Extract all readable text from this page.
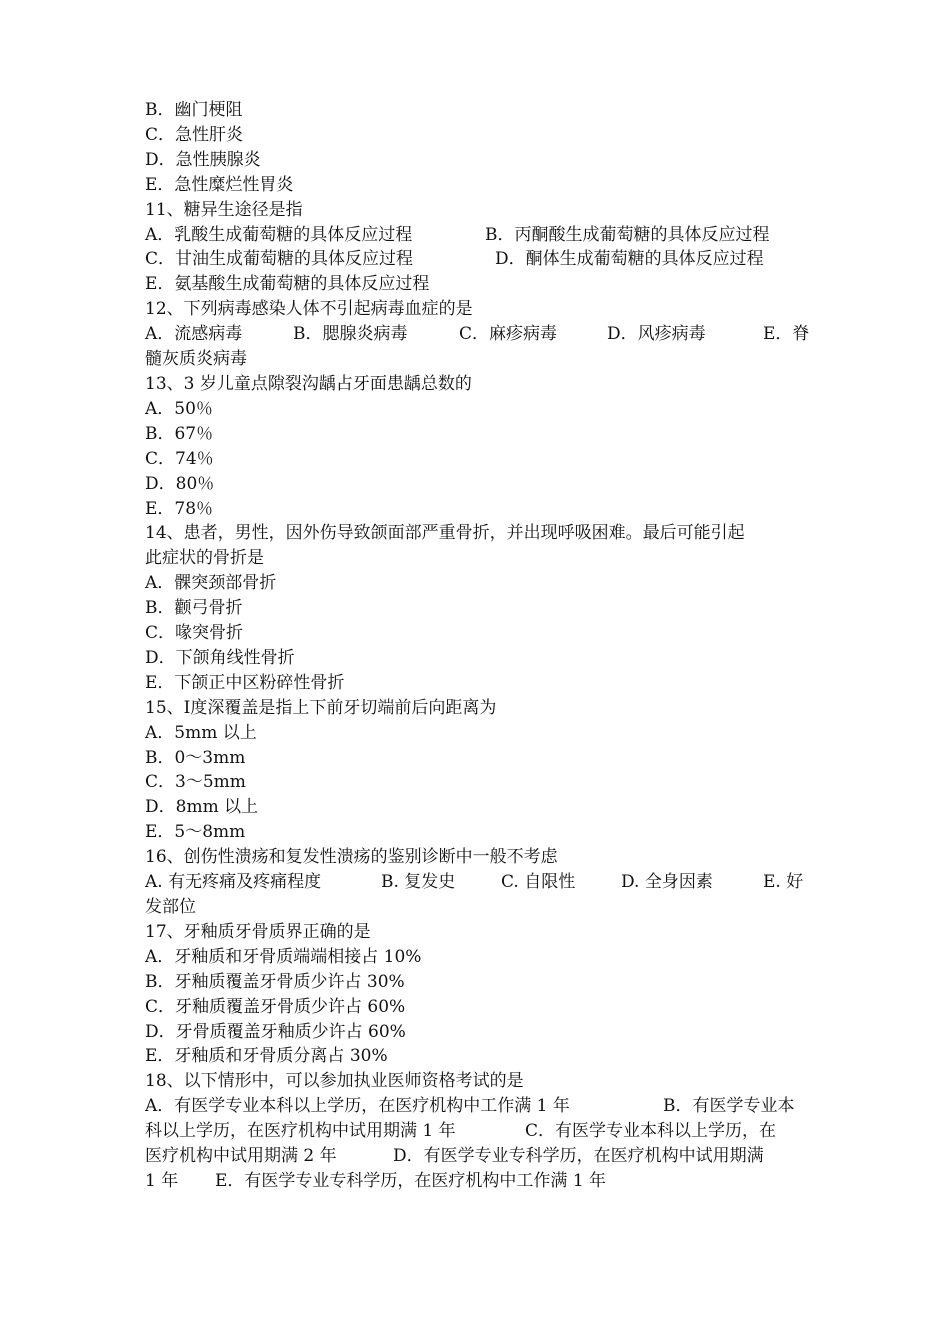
B．幽门梗阻
C．急性肝炎
D．急性胰腺炎
E．急性糜烂性胃炎
11、糖异生途径是指
A．乳酸生成葡萄糖的具体反应过程	B．丙酮酸生成葡萄糖的具体反应过程
C．甘油生成葡萄糖的具体反应过程	D．酮体生成葡萄糖的具体反应过程
E．氨基酸生成葡萄糖的具体反应过程
12、下列病毒感染人体不引起病毒血症的是
A．流感病毒	B．腮腺炎病毒	C．麻疹病毒	D．风疹病毒	E．脊
髓灰质炎病毒
13、3 岁儿童点隙裂沟龋占牙面患龋总数的
A．50％
B．67％
C．74％
D．80％
E．78％
14、患者，男性，因外伤导致颌面部严重骨折，并出现呼吸困难。最后可能引起
此症状的骨折是
A．髁突颈部骨折
B．颧弓骨折
C．喙突骨折
D．下颌角线性骨折
E．下颌正中区粉碎性骨折
15、Ⅰ度深覆盖是指上下前牙切端前后向距离为
A．5mm 以上
B．0～3mm
C．3～5mm
D．8mm 以上
E．5～8mm
16、创伤性溃疡和复发性溃疡的鉴别诊断中一般不考虑
A. 有无疼痛及疼痛程度	B. 复发史	C. 自限性	D. 全身因素	E. 好
发部位
17、牙釉质牙骨质界正确的是
A．牙釉质和牙骨质端端相接占 10%
B．牙釉质覆盖牙骨质少许占 30%
C．牙釉质覆盖牙骨质少许占 60%
D．牙骨质覆盖牙釉质少许占 60%
E．牙釉质和牙骨质分离占 30%
18、以下情形中，可以参加执业医师资格考试的是
A．有医学专业本科以上学历，在医疗机构中工作满 1 年	B．有医学专业本
科以上学历，在医疗机构中试用期满 1 年	C．有医学专业本科以上学历，在
医疗机构中试用期满 2 年	D．有医学专业专科学历，在医疗机构中试用期满
1 年	E．有医学专业专科学历，在医疗机构中工作满 1 年
